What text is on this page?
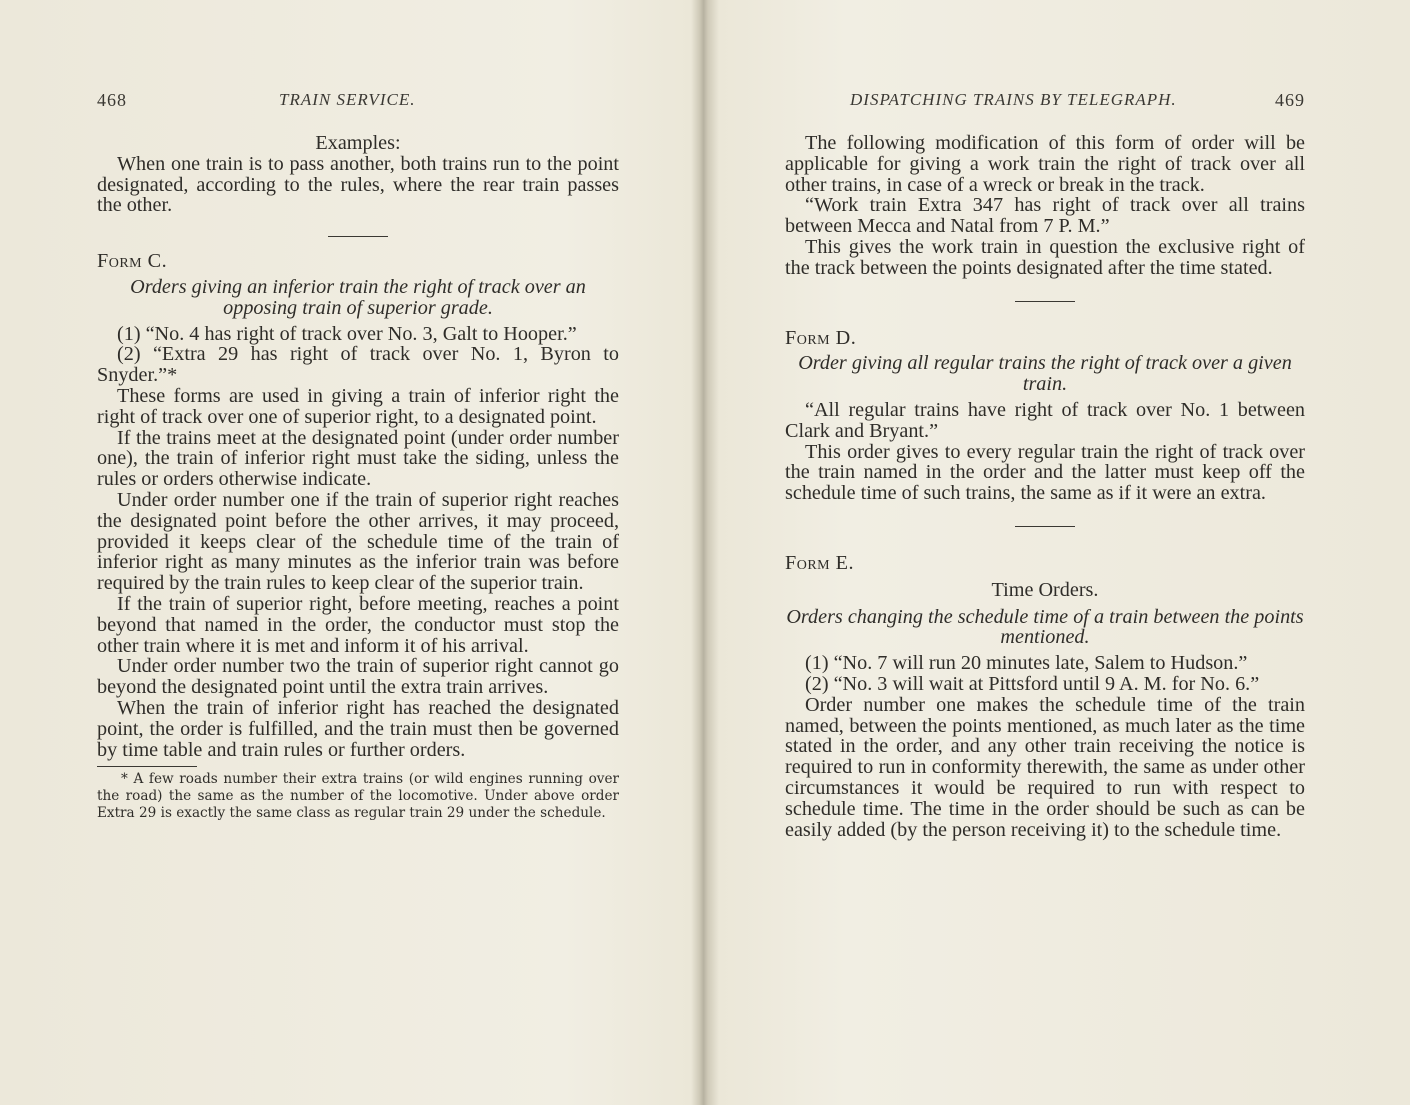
468	TRAIN SERVICE.

Examples:

When one train is to pass another, both trains run to the point designated, according to the rules, where the rear train passes the other.

Form C.

Orders giving an inferior train the right of track over an opposing train of superior grade.

(1) “No. 4 has right of track over No. 3, Galt to Hooper.”

(2) “Extra 29 has right of track over No. 1, Byron to Snyder.”*

These forms are used in giving a train of inferior right the right of track over one of superior right, to a designated point.

If the trains meet at the designated point (under order number one), the train of inferior right must take the siding, unless the rules or orders otherwise indicate.

Under order number one if the train of superior right reaches the designated point before the other arrives, it may proceed, provided it keeps clear of the schedule time of the train of inferior right as many minutes as the inferior train was before required by the train rules to keep clear of the superior train.

If the train of superior right, before meeting, reaches a point beyond that named in the order, the conductor must stop the other train where it is met and inform it of his arrival.

Under order number two the train of superior right cannot go beyond the designated point until the extra train arrives.

When the train of inferior right has reached the designated point, the order is fulfilled, and the train must then be governed by time table and train rules or further orders.

* A few roads number their extra trains (or wild engines running over the road) the same as the number of the locomotive. Under above order Extra 29 is exactly the same class as regular train 29 under the schedule.

DISPATCHING TRAINS BY TELEGRAPH.	469

The following modification of this form of order will be applicable for giving a work train the right of track over all other trains, in case of a wreck or break in the track.

“Work train Extra 347 has right of track over all trains between Mecca and Natal from 7 P. M.”

This gives the work train in question the exclusive right of the track between the points designated after the time stated.

Form D.

Order giving all regular trains the right of track over a given train.

“All regular trains have right of track over No. 1 between Clark and Bryant.”

This order gives to every regular train the right of track over the train named in the order and the latter must keep off the schedule time of such trains, the same as if it were an extra.

Form E.

Time Orders.

Orders changing the schedule time of a train between the points mentioned.

(1) “No. 7 will run 20 minutes late, Salem to Hudson.”

(2) “No. 3 will wait at Pittsford until 9 A. M. for No. 6.”

Order number one makes the schedule time of the train named, between the points mentioned, as much later as the time stated in the order, and any other train receiving the notice is required to run in conformity therewith, the same as under other circumstances it would be required to run with respect to schedule time. The time in the order should be such as can be easily added (by the person receiving it) to the schedule time.
